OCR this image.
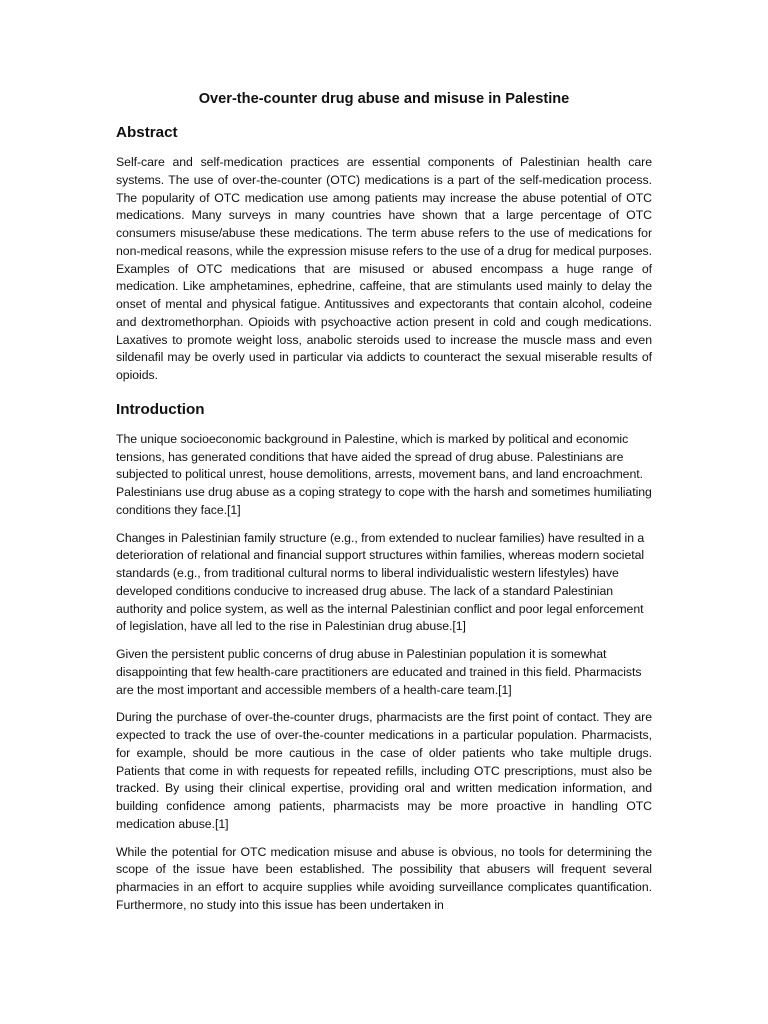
Over-the-counter drug abuse and misuse in Palestine
Abstract

Self-care and self-medication practices are essential components of Palestinian health care systems. The use of over-the-counter (OTC) medications is a part of the self-medication process. The popularity of OTC medication use among patients may increase the abuse potential of OTC medications. Many surveys in many countries have shown that a large percentage of OTC consumers misuse/abuse these medications. The term abuse refers to the use of medications for non-medical reasons, while the expression misuse refers to the use of a drug for medical purposes. Examples of OTC medications that are misused or abused encompass a huge range of medication. Like amphetamines, ephedrine, caffeine, that are stimulants used mainly to delay the onset of mental and physical fatigue. Antitussives and expectorants that contain alcohol, codeine and dextromethorphan. Opioids with psychoactive action present in cold and cough medications. Laxatives to promote weight loss, anabolic steroids used to increase the muscle mass and even sildenafil may be overly used in particular via addicts to counteract the sexual miserable results of opioids.

Introduction

The unique socioeconomic background in Palestine, which is marked by political and economic tensions, has generated conditions that have aided the spread of drug abuse. Palestinians are subjected to political unrest, house demolitions, arrests, movement bans, and land encroachment. Palestinians use drug abuse as a coping strategy to cope with the harsh and sometimes humiliating conditions they face.[1]

Changes in Palestinian family structure (e.g., from extended to nuclear families) have resulted in a deterioration of relational and financial support structures within families, whereas modern societal standards (e.g., from traditional cultural norms to liberal individualistic western lifestyles) have developed conditions conducive to increased drug abuse. The lack of a standard Palestinian authority and police system, as well as the internal Palestinian conflict and poor legal enforcement of legislation, have all led to the rise in Palestinian drug abuse.[1]

Given the persistent public concerns of drug abuse in Palestinian population it is somewhat disappointing that few health-care practitioners are educated and trained in this field. Pharmacists are the most important and accessible members of a health-care team.[1]

During the purchase of over-the-counter drugs, pharmacists are the first point of contact. They are expected to track the use of over-the-counter medications in a particular population. Pharmacists, for example, should be more cautious in the case of older patients who take multiple drugs. Patients that come in with requests for repeated refills, including OTC prescriptions, must also be tracked. By using their clinical expertise, providing oral and written medication information, and building confidence among patients, pharmacists may be more proactive in handling OTC medication abuse.[1]

While the potential for OTC medication misuse and abuse is obvious, no tools for determining the scope of the issue have been established. The possibility that abusers will frequent several pharmacies in an effort to acquire supplies while avoiding surveillance complicates quantification. Furthermore, no study into this issue has been undertaken in
